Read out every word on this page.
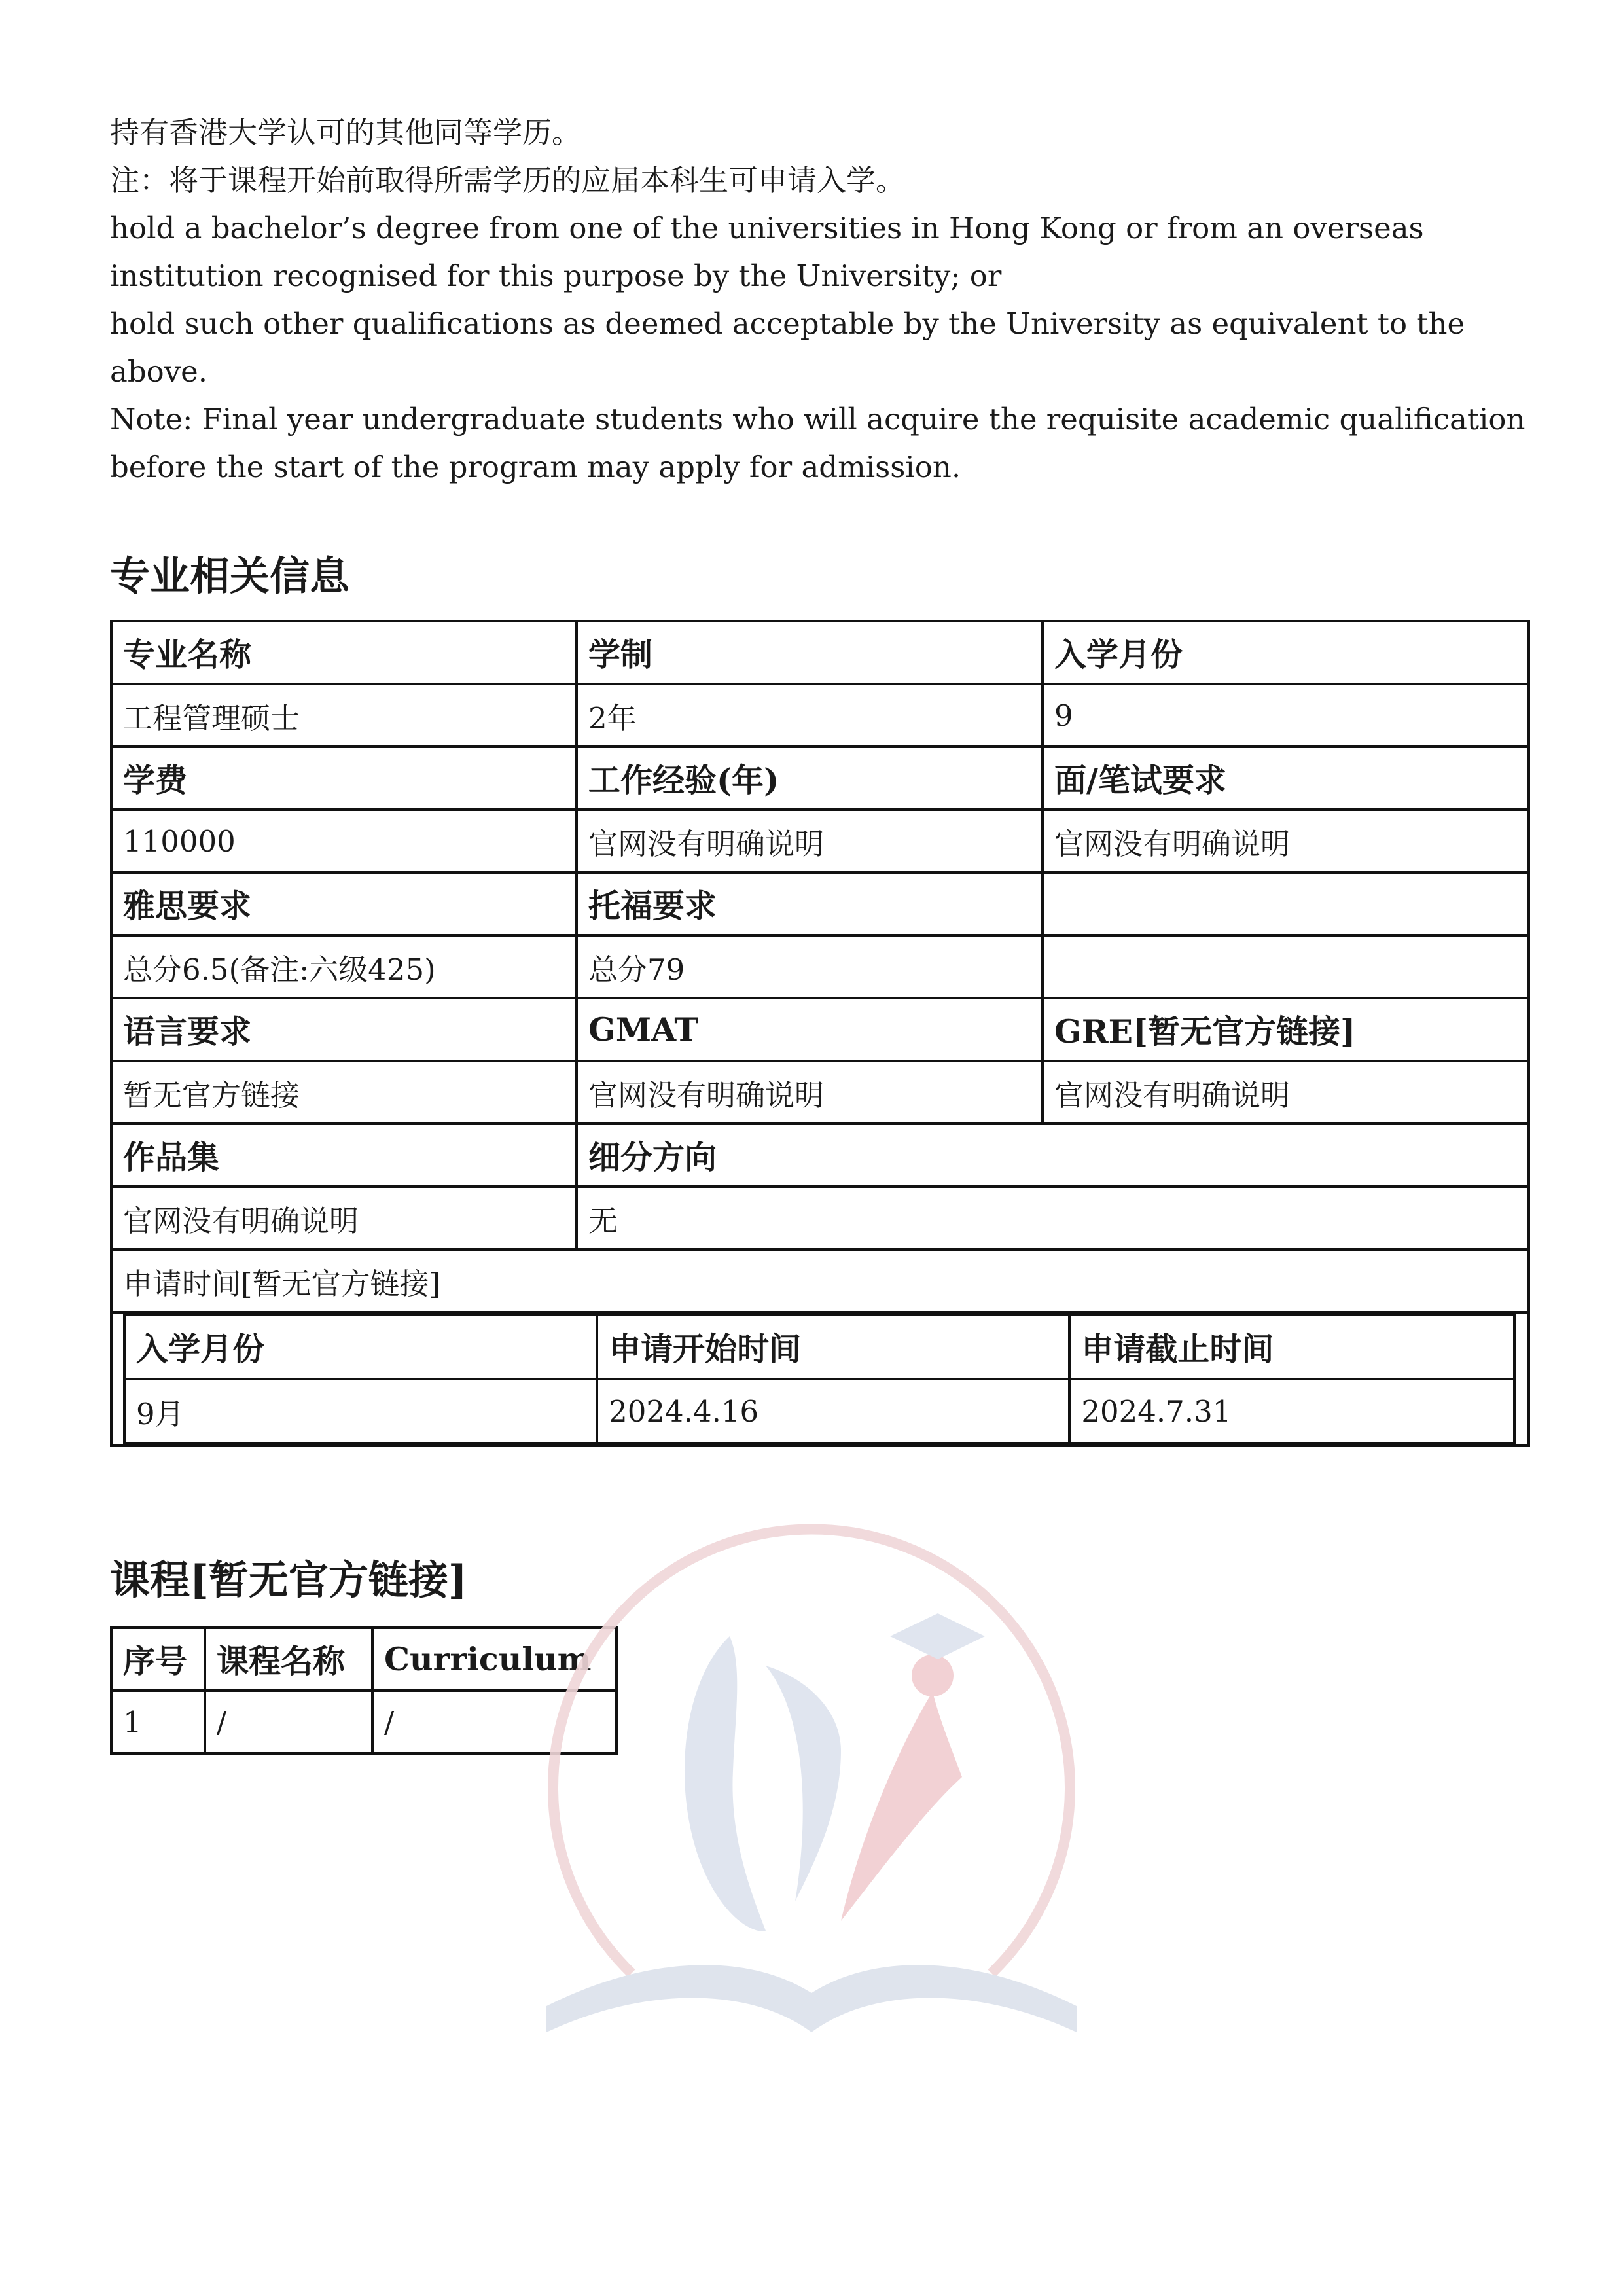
持有香港大学认可的其他同等学历。

注：将于课程开始前取得所需学历的应届本科生可申请入学。

hold a bachelor’s degree from one of the universities in Hong Kong or from an overseas institution recognised for this purpose by the University; or

hold such other qualifications as deemed acceptable by the University as equivalent to the above.

Note: Final year undergraduate students who will acquire the requisite academic qualification before the start of the program may apply for admission.

专业相关信息
专业名称	学制	入学月份
工程管理硕士	2年	9
学费	工作经验(年)	面/笔试要求
110000	官网没有明确说明	官网没有明确说明
雅思要求	托福要求	
总分6.5(备注:六级425)	总分79	
语言要求	GMAT	GRE[暂无官方链接]
暂无官方链接	官网没有明确说明	官网没有明确说明
作品集	细分方向
官网没有明确说明	无
申请时间[暂无官方链接]

入学月份	申请开始时间	申请截止时间
9月	2024.4.16	2024.7.31
课程[暂无官方链接]
序号	课程名称	Curriculum
1	/	/
